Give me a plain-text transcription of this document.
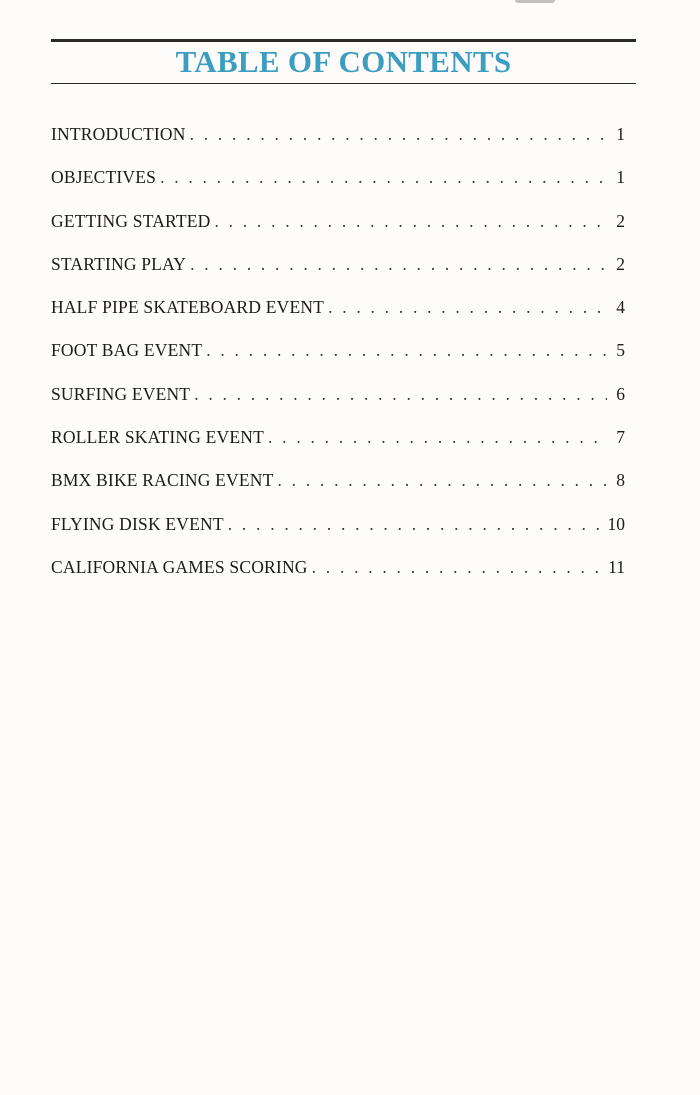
TABLE OF CONTENTS
INTRODUCTION . . .	1
OBJECTIVES . . .	1
GETTING STARTED . . .	2
STARTING PLAY . . .	2
HALF PIPE SKATEBOARD EVENT . . .	4
FOOT BAG EVENT . . .	5
SURFING EVENT . . .	6
ROLLER SKATING EVENT . . .	7
BMX BIKE RACING EVENT . . .	8
FLYING DISK EVENT . . .	10
CALIFORNIA GAMES SCORING . . .	11
